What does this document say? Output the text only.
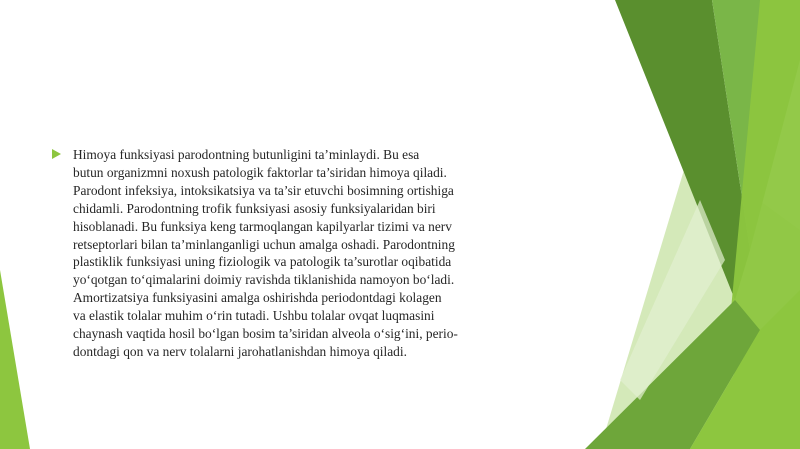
Himoya funksiyasi parodontning butunligini ta’minlaydi. Bu esa
butun organizmni noxush patologik faktorlar ta’siridan himoya qiladi.
Parodont infeksiya, intoksikatsiya va ta’sir etuvchi bosimning ortishiga
chidamli. Parodontning trofik funksiyasi asosiy funksiyalaridan biri
hisoblanadi. Bu funksiya keng tarmoqlangan kapilyarlar tizimi va nerv
retseptorlari bilan ta’minlanganligi uchun amalga oshadi. Parodontning
plastiklik funksiyasi uning fiziologik va patologik ta’surotlar oqibatida
yo‘qotgan to‘qimalarini doimiy ravishda tiklanishida namoyon bo‘ladi.
Amortizatsiya funksiyasini amalga oshirishda periodontdagi kolagen
va elastik tolalar muhim o‘rin tutadi. Ushbu tolalar ovqat luqmasini
chaynash vaqtida hosil bo‘lgan bosim ta’siridan alveola o‘sig‘ini, perio-
dontdagi qon va nerv tolalarni jarohatlanishdan himoya qiladi.
